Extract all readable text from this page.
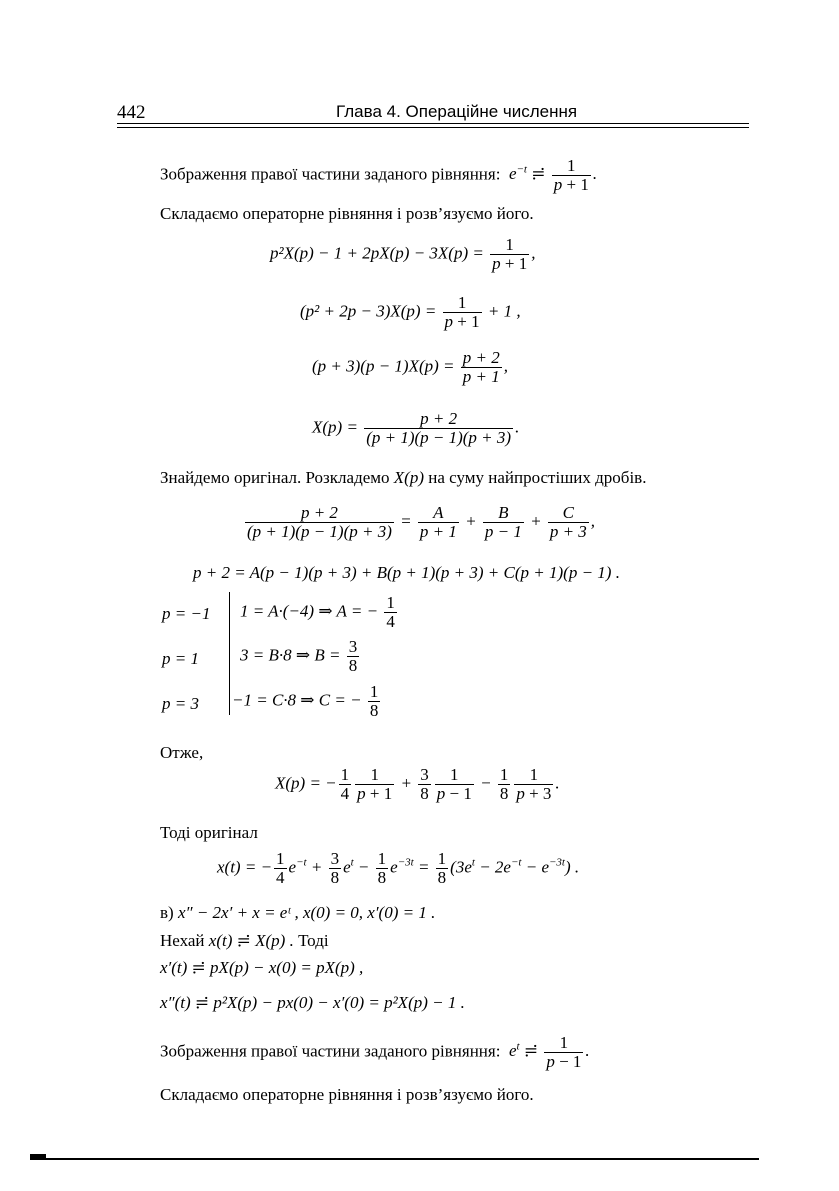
442	Глава 4. Операційне числення
Зображення правої частини заданого рівняння:  $e^{-t}$ ≓ $\frac{1}{p + 1}$ .
Складаємо операторне рівняння і розв’язуємо його.
$p^2X(p) - 1 + 2pX(p) - 3X(p) = \frac{1}{p + 1}$ ,
$(p^2 + 2p - 3)X(p) = \frac{1}{p + 1} + 1$ ,
$(p + 3)(p - 1)X(p) = \frac{p + 2}{p + 1}$ ,
$X(p) = \frac{p + 2}{(p + 1)(p - 1)(p + 3)}$ .
Знайдемо оригінал. Розкладемо X(p) на суму найпростіших дробів.
$\frac{p + 2}{(p + 1)(p - 1)(p + 3)} = \frac{A}{p + 1} + \frac{B}{p - 1} + \frac{C}{p + 3}$ ,
p + 2 = A(p − 1)(p + 3) + B(p + 1)(p + 3) + C(p + 1)(p − 1) .
p = −1 1 = A·(−4) ⇒ A = − $\frac{1}{4}$
p = 1 3 = B·8 ⇒ $B = \frac{3}{8}$
p = 3 −1 = C·8 ⇒ C = − $\frac{1}{8}$
Отже,
X(p) = − $\frac{1}{4} \frac{1}{p + 1} + \frac{3}{8} \frac{1}{p - 1} - \frac{1}{8} \frac{1}{p + 3}$ .
Тоді оригінал
x(t) = − $\frac{1}{4} e^{-t} + \frac{3}{8} e^t - \frac{1}{8} e^{-3t} = \frac{1}{8} (3e^t - 2e^{-t} - e^{-3t})$ .
в) x″ − 2x′ + x = eᵗ , x(0) = 0, x′(0) = 1 .
Нехай x(t) ≓ X(p) . Тоді
x′(t) ≓ pX(p) − x(0) = pX(p) ,
x″(t) ≓ p²X(p) − px(0) − x′(0) = p²X(p) − 1 .
Зображення правої частини заданого рівняння:  $e^t$ ≓ $\frac{1}{p - 1}$ .
Складаємо операторне рівняння і розв’язуємо його.
